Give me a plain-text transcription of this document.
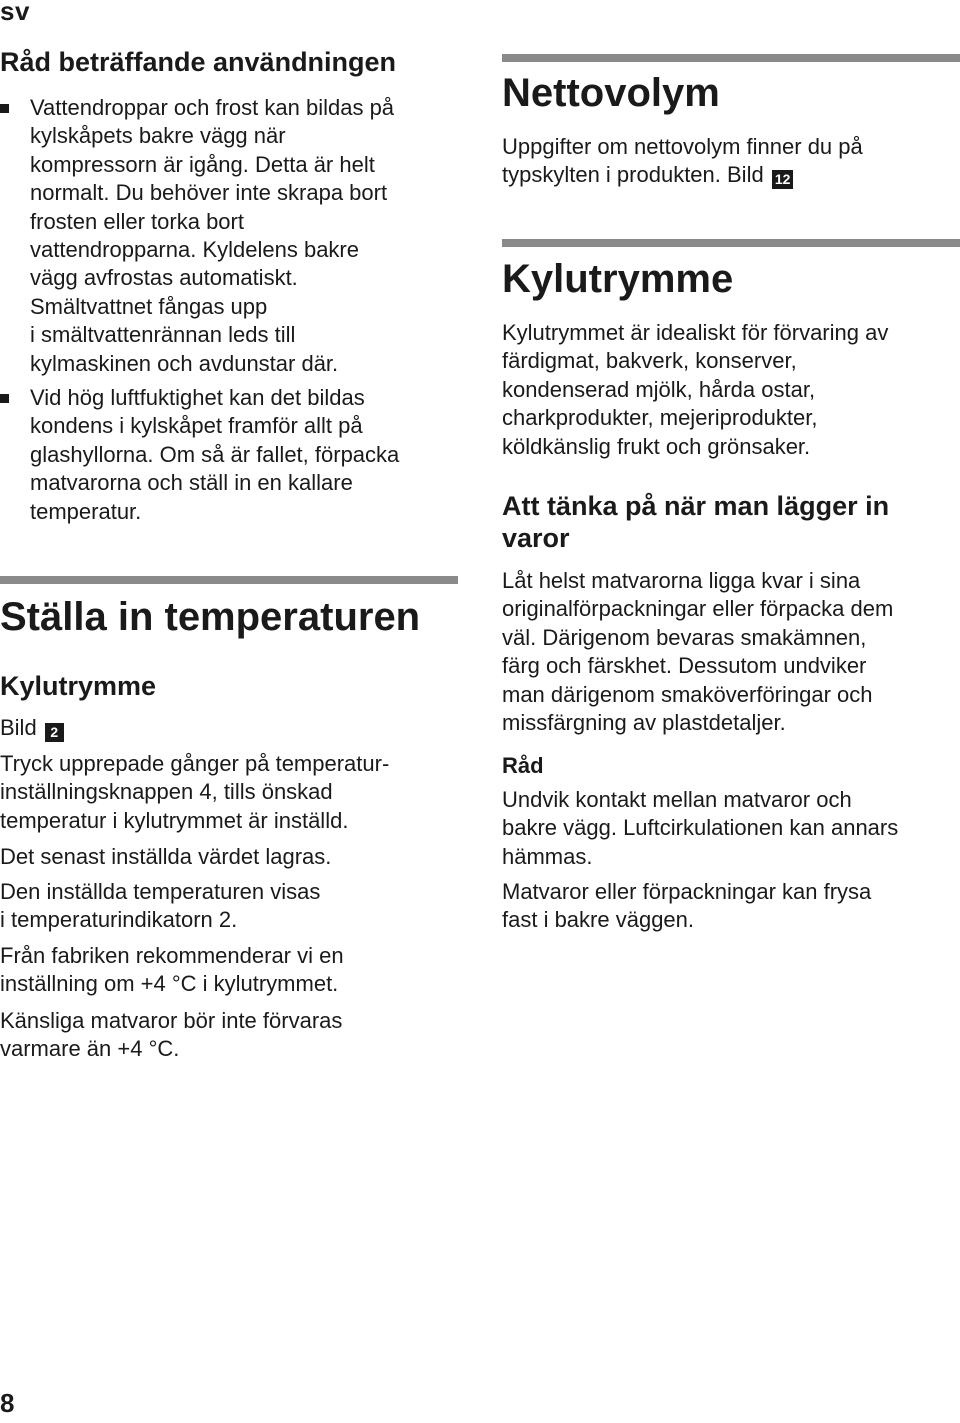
sv
Råd beträffande användningen

Vattendroppar och frost kan bildas på
kylskåpets bakre vägg när
kompressorn är igång. Detta är helt
normalt. Du behöver inte skrapa bort
frosten eller torka bort
vattendropparna. Kyldelens bakre
vägg avfrostas automatiskt.
Smältvattnet fångas upp
i smältvattenrännan leds till
kylmaskinen och avdunstar där.

Vid hög luftfuktighet kan det bildas
kondens i kylskåpet framför allt på
glashyllorna. Om så är fallet, förpacka
matvarorna och ställ in en kallare
temperatur.

Ställa in temperaturen
Kylutrymme

Bild 2

Tryck upprepade gånger på temperatur-
inställningsknappen 4, tills önskad
temperatur i kylutrymmet är inställd.

Det senast inställda värdet lagras.

Den inställda temperaturen visas
i temperaturindikatorn 2.

Från fabriken rekommenderar vi en
inställning om +4 °C i kylutrymmet.

Känsliga matvaror bör inte förvaras
varmare än +4 °C.

Nettovolym

Uppgifter om nettovolym finner du på
typskylten i produkten. Bild 12

Kylutrymme

Kylutrymmet är idealiskt för förvaring av
färdigmat, bakverk, konserver,
kondenserad mjölk, hårda ostar,
charkprodukter, mejeriprodukter,
köldkänslig frukt och grönsaker.

Att tänka på när man lägger in
varor

Låt helst matvarorna ligga kvar i sina
originalförpackningar eller förpacka dem
väl. Därigenom bevaras smakämnen,
färg och färskhet. Dessutom undviker
man därigenom smaköverföringar och
missfärgning av plastdetaljer.

Råd

Undvik kontakt mellan matvaror och
bakre vägg. Luftcirkulationen kan annars
hämmas.

Matvaror eller förpackningar kan frysa
fast i bakre väggen.

8
